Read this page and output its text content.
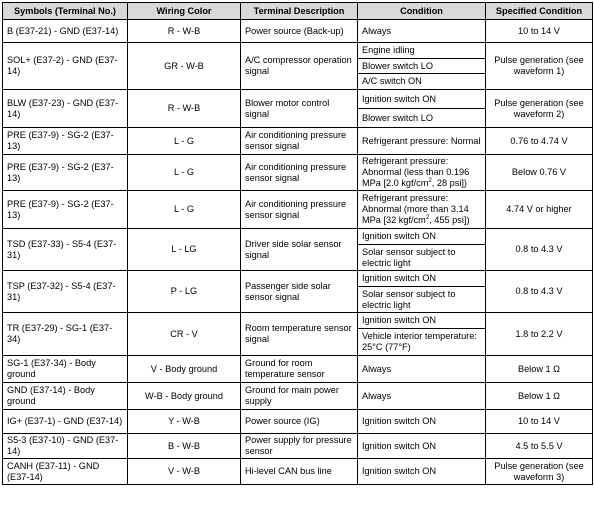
Symbols (Terminal No.)	Wiring Color	Terminal Description	Condition	Specified Condition
B (E37-21) - GND (E37-14)	R - W-B	Power source (Back-up)	Always	10 to 14 V
SOL+ (E37-2) - GND (E37-14)	GR - W-B	A/C compressor operation signal	Engine idling	Pulse generation (see waveform 1)
			Blower switch LO	
			A/C switch ON	
BLW (E37-23) - GND (E37-14)	R - W-B	Blower motor control signal	Ignition switch ON	Pulse generation (see waveform 2)
			Blower switch LO	
PRE (E37-9) - SG-2 (E37-13)	L - G	Air conditioning pressure sensor signal	Refrigerant pressure: Normal	0.76 to 4.74 V
PRE (E37-9) - SG-2 (E37-13)	L - G	Air conditioning pressure sensor signal	Refrigerant pressure: Abnormal (less than 0.196 MPa [2.0 kgf/$cm^2$, 28 psi])	Below 0.76 V
PRE (E37-9) - SG-2 (E37-13)	L - G	Air conditioning pressure sensor signal	Refrigerant pressure: Abnormal (more than 3.14 MPa [32 kgf/$cm^2$, 455 psi])	4.74 V or higher
TSD (E37-33) - S5-4 (E37-31)	L - LG	Driver side solar sensor signal	Ignition switch ON	0.8 to 4.3 V
			Solar sensor subject to electric light	
TSP (E37-32) - S5-4 (E37-31)	P - LG	Passenger side solar sensor signal	Ignition switch ON	0.8 to 4.3 V
			Solar sensor subject to electric light	
TR (E37-29) - SG-1 (E37-34)	CR - V	Room temperature sensor signal	Ignition switch ON	1.8 to 2.2 V
			Vehicle interior temperature: 25°C (77°F)	
SG-1 (E37-34) - Body ground	V - Body ground	Ground for room temperature sensor	Always	Below 1 Ω
GND (E37-14) - Body ground	W-B - Body ground	Ground for main power supply	Always	Below 1 Ω
IG+ (E37-1) - GND (E37-14)	Y - W-B	Power source (IG)	Ignition switch ON	10 to 14 V
S5-3 (E37-10) - GND (E37-14)	B - W-B	Power supply for pressure sensor	Ignition switch ON	4.5 to 5.5 V
CANH (E37-11) - GND (E37-14)	V - W-B	Hi-level CAN bus line	Ignition switch ON	Pulse generation (see waveform 3)
